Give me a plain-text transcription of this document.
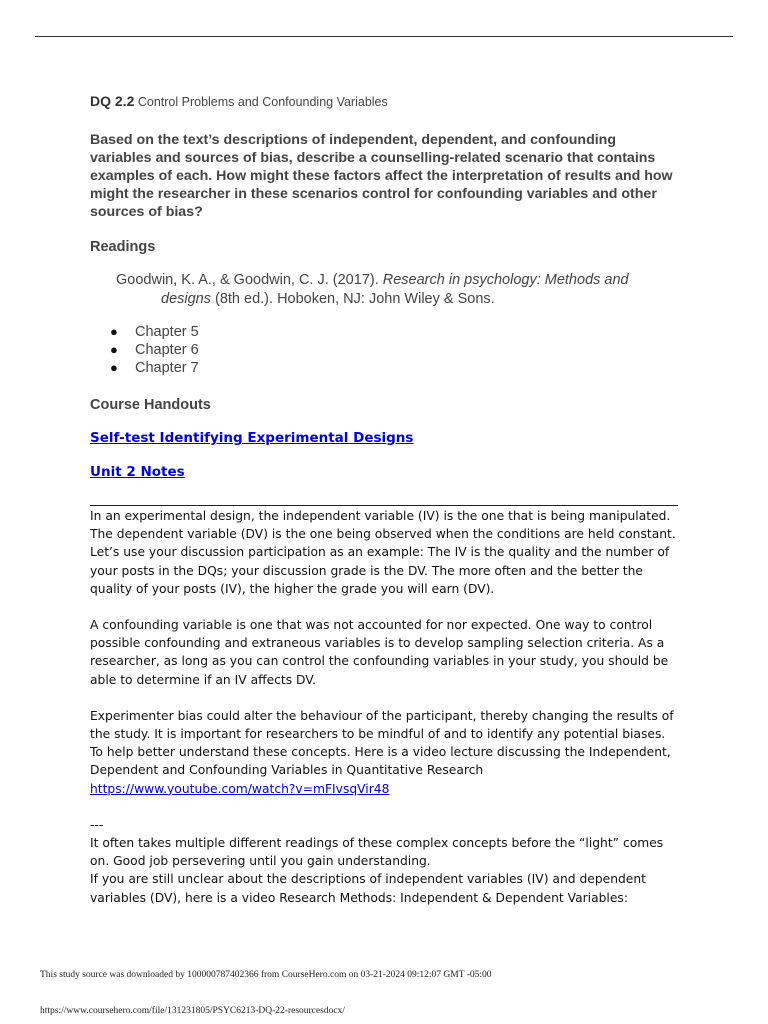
DQ 2.2 Control Problems and Confounding Variables

Based on the text’s descriptions of independent, dependent, and confounding variables and sources of bias, describe a counselling-related scenario that contains examples of each. How might these factors affect the interpretation of results and how might the researcher in these scenarios control for confounding variables and other sources of bias?

Readings

Goodwin, K. A., & Goodwin, C. J. (2017). Research in psychology: Methods and designs (8th ed.). Hoboken, NJ: John Wiley & Sons.

● Chapter 5
● Chapter 6
● Chapter 7

Course Handouts

Self-test Identifying Experimental Designs
Unit 2 Notes

In an experimental design, the independent variable (IV) is the one that is being manipulated. The dependent variable (DV) is the one being observed when the conditions are held constant. Let’s use your discussion participation as an example: The IV is the quality and the number of your posts in the DQs; your discussion grade is the DV. The more often and the better the quality of your posts (IV), the higher the grade you will earn (DV).

A confounding variable is one that was not accounted for nor expected. One way to control possible confounding and extraneous variables is to develop sampling selection criteria. As a researcher, as long as you can control the confounding variables in your study, you should be able to determine if an IV affects DV.

Experimenter bias could alter the behaviour of the participant, thereby changing the results of the study. It is important for researchers to be mindful of and to identify any potential biases.

To help better understand these concepts. Here is a video lecture discussing the Independent, Dependent and Confounding Variables in Quantitative Research https://www.youtube.com/watch?v=mFIvsqVir48

---

It often takes multiple different readings of these complex concepts before the “light” comes on. Good job persevering until you gain understanding.

If you are still unclear about the descriptions of independent variables (IV) and dependent variables (DV), here is a video Research Methods: Independent & Dependent Variables:

This study source was downloaded by 100000787402366 from CourseHero.com on 03-21-2024 09:12:07 GMT -05:00
https://www.coursehero.com/file/131231805/PSYC6213-DQ-22-resourcesdocx/
